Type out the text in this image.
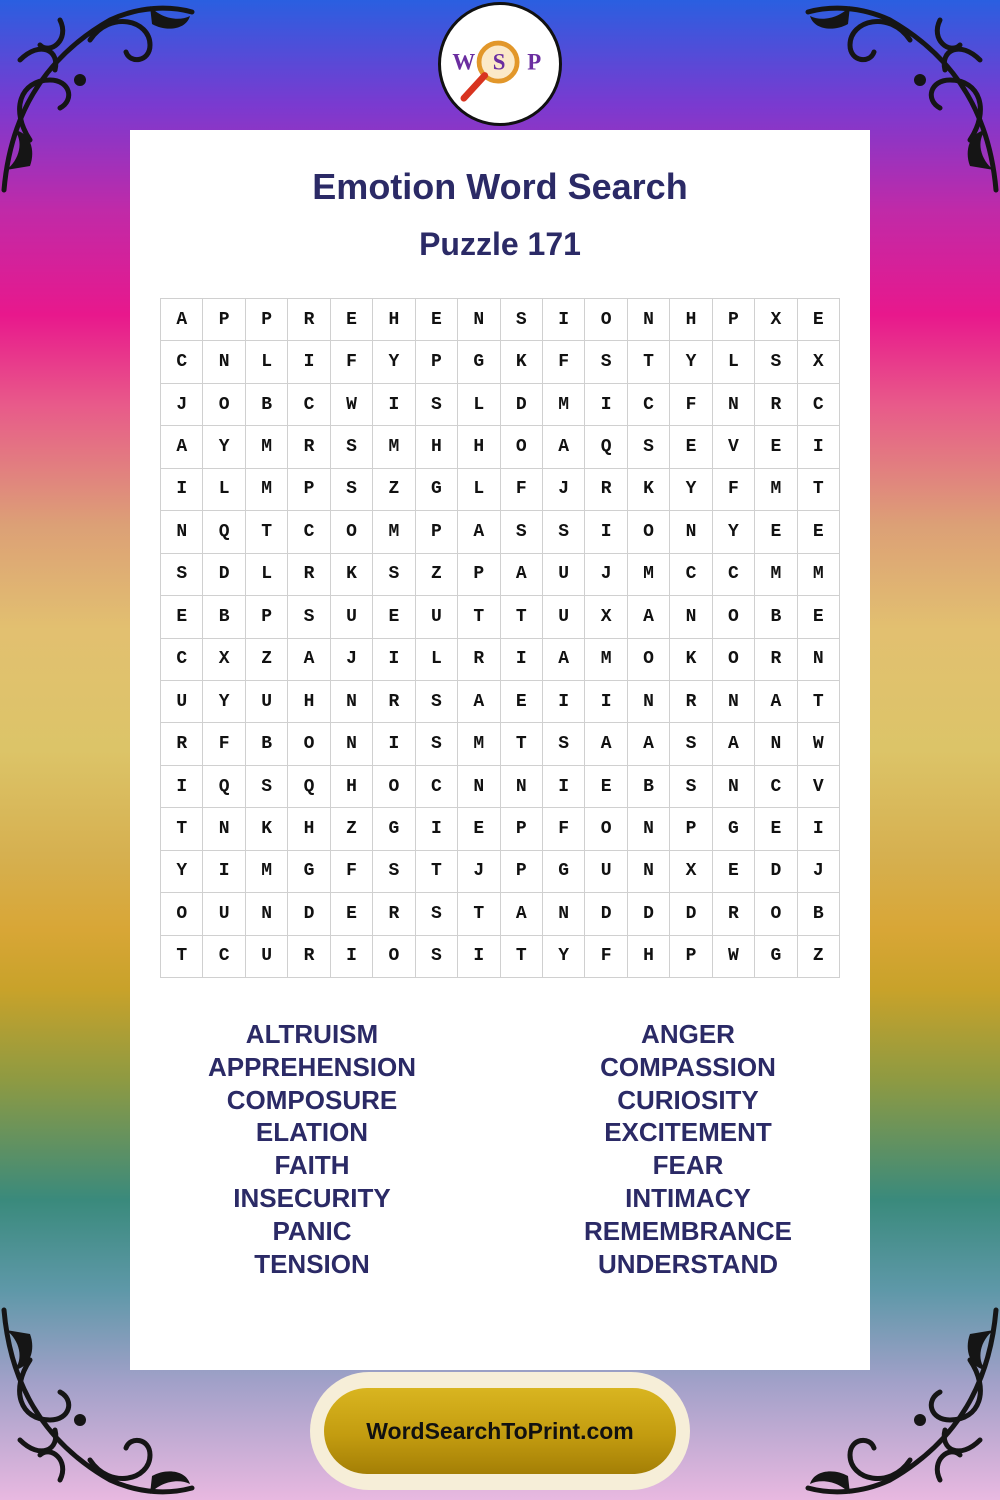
W S P
Emotion Word Search
Puzzle 171
A	P	P	R	E	H	E	N	S	I	O	N	H	P	X	E
C	N	L	I	F	Y	P	G	K	F	S	T	Y	L	S	X
J	O	B	C	W	I	S	L	D	M	I	C	F	N	R	C
A	Y	M	R	S	M	H	H	O	A	Q	S	E	V	E	I
I	L	M	P	S	Z	G	L	F	J	R	K	Y	F	M	T
N	Q	T	C	O	M	P	A	S	S	I	O	N	Y	E	E
S	D	L	R	K	S	Z	P	A	U	J	M	C	C	M	M
E	B	P	S	U	E	U	T	T	U	X	A	N	O	B	E
C	X	Z	A	J	I	L	R	I	A	M	O	K	O	R	N
U	Y	U	H	N	R	S	A	E	I	I	N	R	N	A	T
R	F	B	O	N	I	S	M	T	S	A	A	S	A	N	W
I	Q	S	Q	H	O	C	N	N	I	E	B	S	N	C	V
T	N	K	H	Z	G	I	E	P	F	O	N	P	G	E	I
Y	I	M	G	F	S	T	J	P	G	U	N	X	E	D	J
O	U	N	D	E	R	S	T	A	N	D	D	D	R	O	B
T	C	U	R	I	O	S	I	T	Y	F	H	P	W	G	Z
ALTRUISM
APPREHENSION
COMPOSURE
ELATION
FAITH
INSECURITY
PANIC
TENSION
ANGER
COMPASSION
CURIOSITY
EXCITEMENT
FEAR
INTIMACY
REMEMBRANCE
UNDERSTAND
WordSearchToPrint.com
